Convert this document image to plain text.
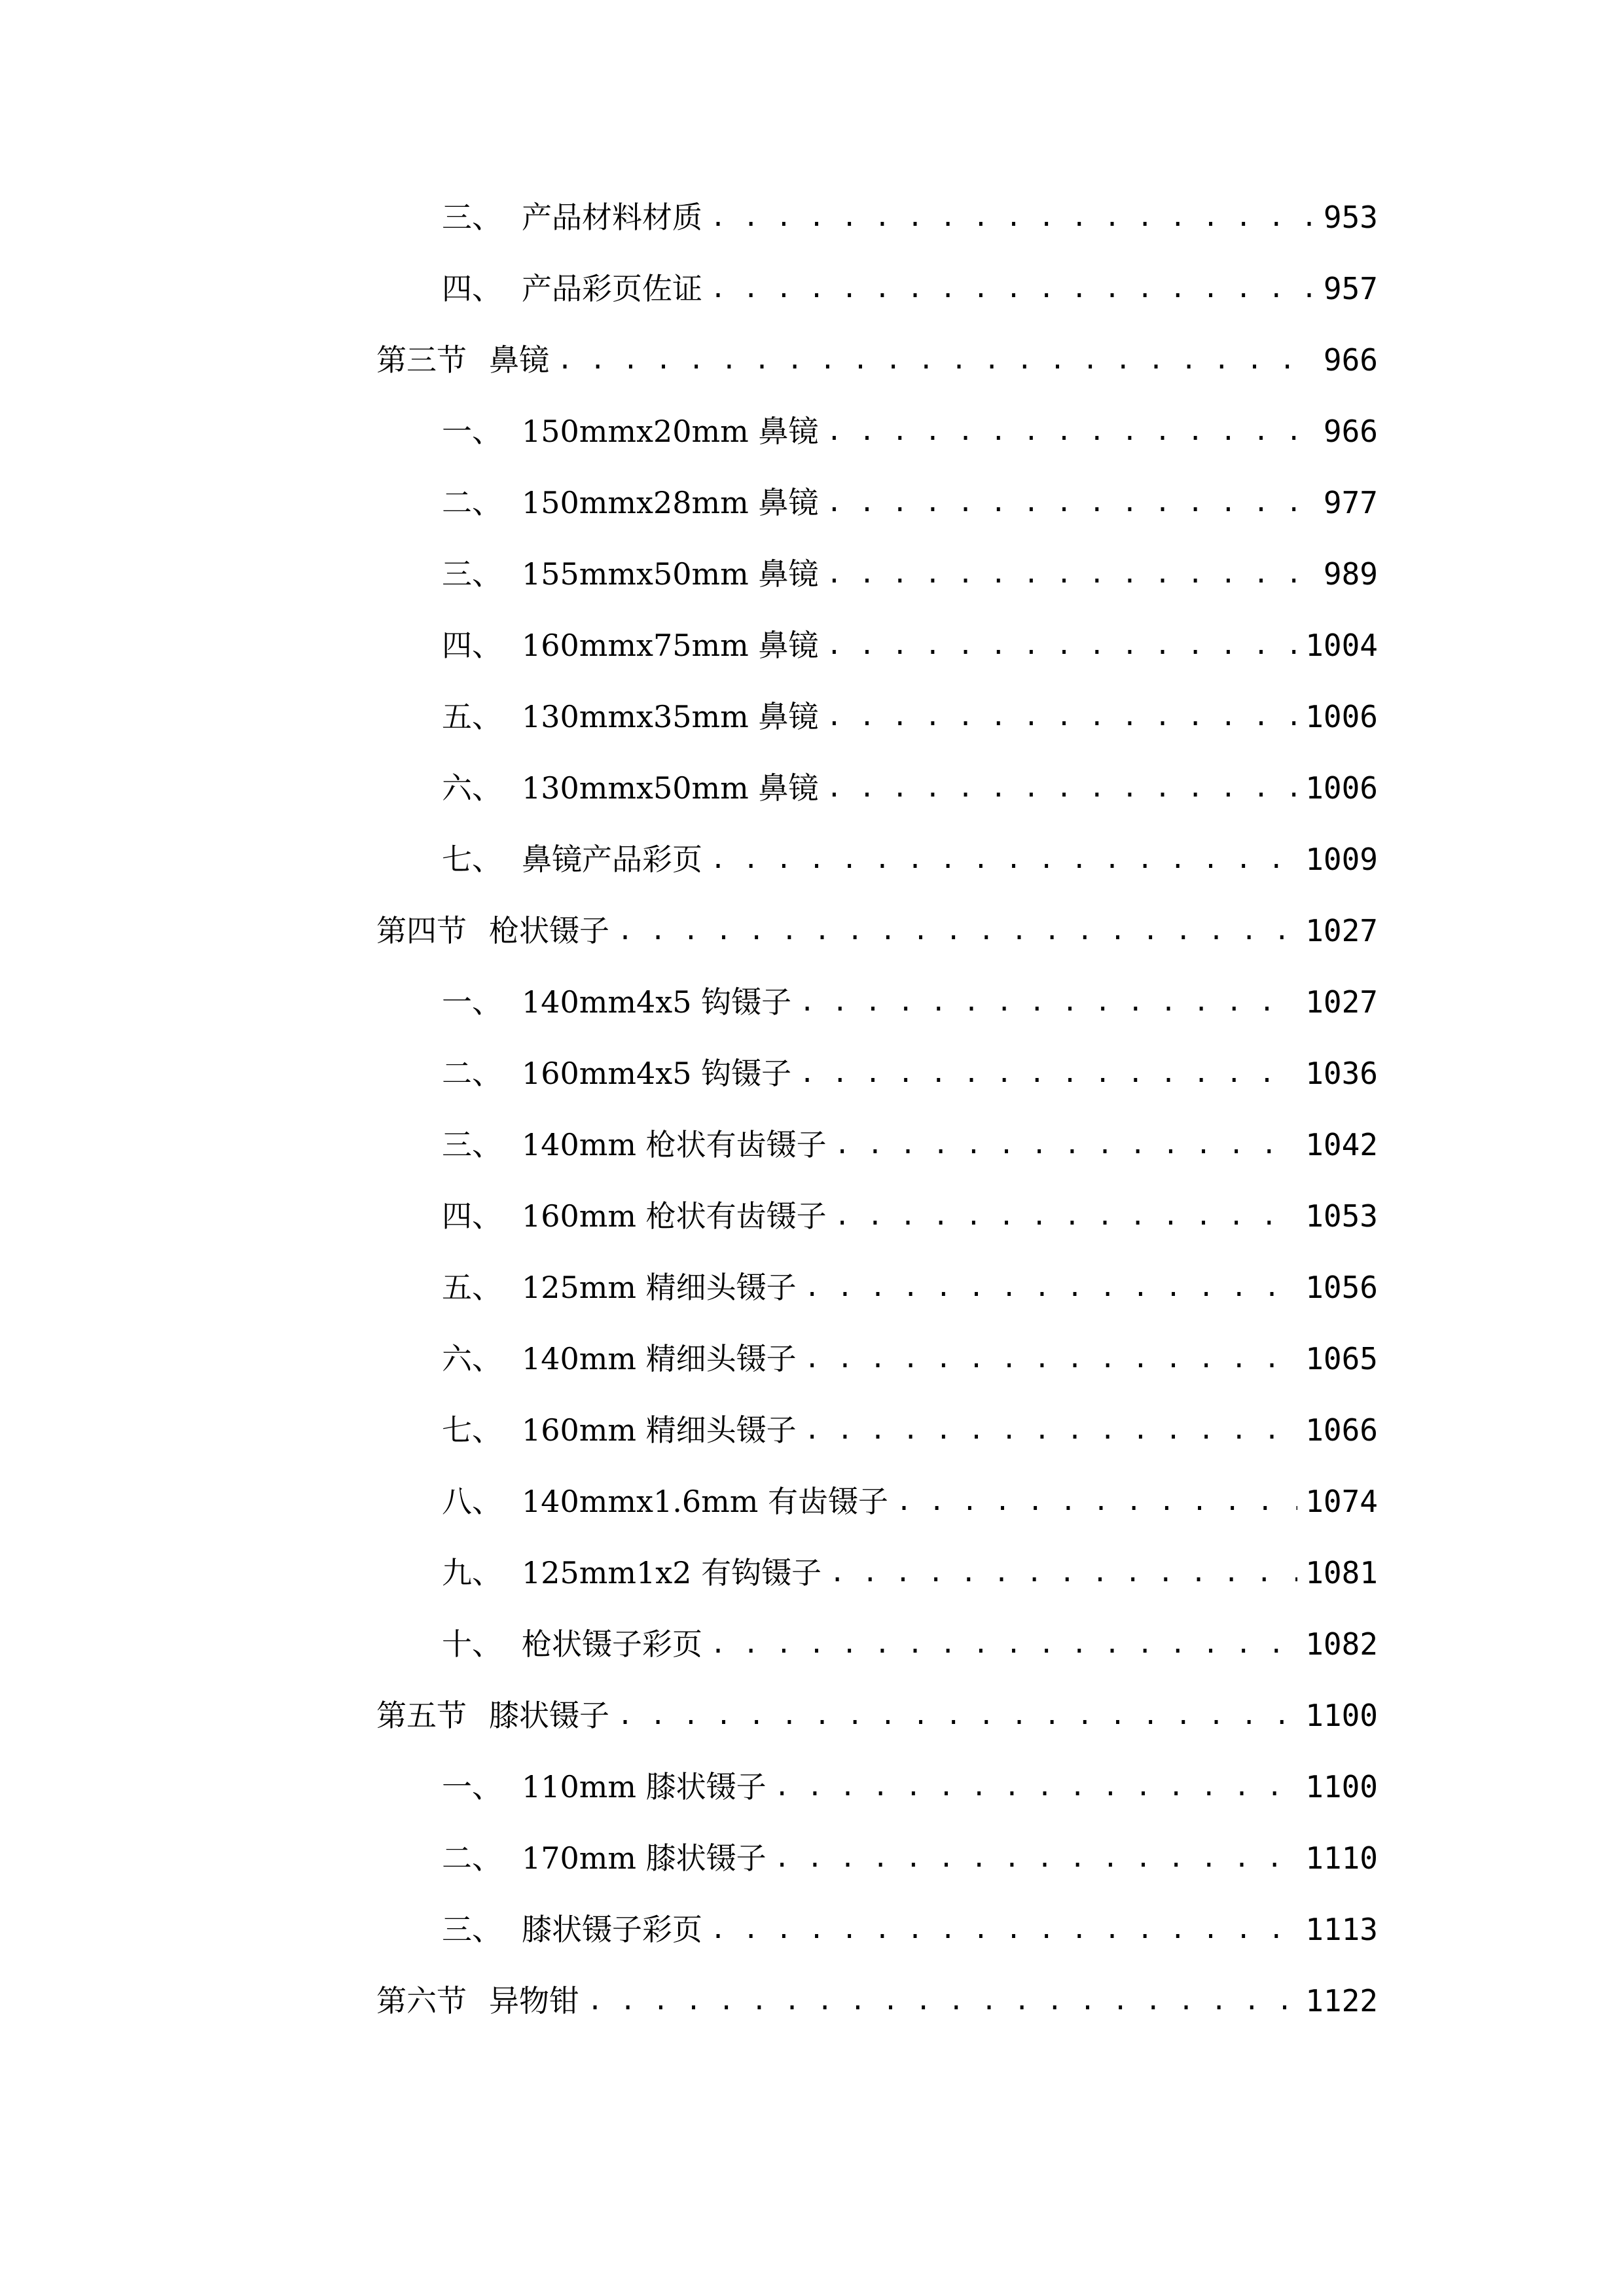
三、 产品材料材质 . . .	953
四、 产品彩页佐证 . . .	957
第三节 鼻镜 . . .	966
一、 150mmx20mm 鼻镜 . . .	966
二、 150mmx28mm 鼻镜 . . .	977
三、 155mmx50mm 鼻镜 . . .	989
四、 160mmx75mm 鼻镜 . . .	1004
五、 130mmx35mm 鼻镜 . . .	1006
六、 130mmx50mm 鼻镜 . . .	1006
七、 鼻镜产品彩页 . . .	1009
第四节 枪状镊子 . . .	1027
一、 140mm4x5 钩镊子 . . .	1027
二、 160mm4x5 钩镊子 . . .	1036
三、 140mm 枪状有齿镊子 . . .	1042
四、 160mm 枪状有齿镊子 . . .	1053
五、 125mm 精细头镊子 . . .	1056
六、 140mm 精细头镊子 . . .	1065
七、 160mm 精细头镊子 . . .	1066
八、 140mmx1.6mm 有齿镊子 . . .	1074
九、 125mm1x2 有钩镊子 . . .	1081
十、 枪状镊子彩页 . . .	1082
第五节 膝状镊子 . . .	1100
一、 110mm 膝状镊子 . . .	1100
二、 170mm 膝状镊子 . . .	1110
三、 膝状镊子彩页 . . .	1113
第六节 异物钳 . . .	1122
